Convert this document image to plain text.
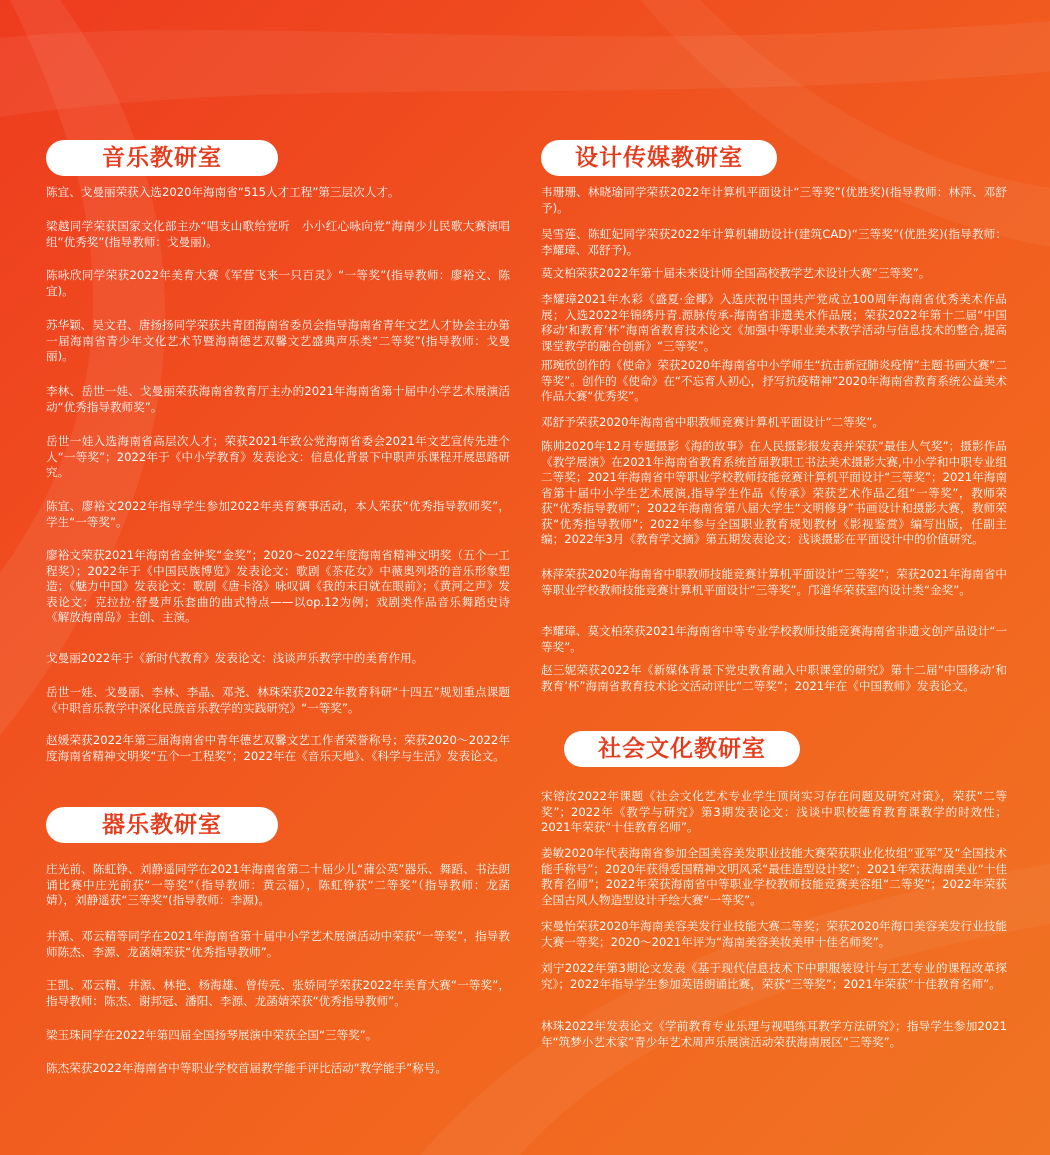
音乐教研室

陈宜、戈曼丽荣获入选2020年海南省“515人才工程”第三层次人才。

梁越同学荣获国家文化部主办“唱支山歌给党听　小小红心咏向党”海南少儿民歌大赛演唱组“优秀奖”(指导教师：戈曼丽)。

陈咏欣同学荣获2022年美育大赛《军营飞来一只百灵》“一等奖”(指导教师：廖裕文、陈宜)。

苏华颖、吴文君、唐扬扬同学荣获共青团海南省委员会指导海南省青年文艺人才协会主办第一届海南省青少年文化艺术节暨海南德艺双馨文艺盛典声乐类“二等奖”(指导教师：戈曼丽)。

李林、岳世一娃、戈曼丽荣获海南省教育厅主办的2021年海南省第十届中小学艺术展演活动“优秀指导教师奖”。

岳世一娃入选海南省高层次人才；荣获2021年致公党海南省委会2021年文艺宣传先进个人“一等奖”；2022年于《中小学教育》发表论文：信息化背景下中职声乐课程开展思路研究。

陈宜、廖裕文2022年指导学生参加2022年美育赛事活动，本人荣获“优秀指导教师奖”，学生“一等奖”。

廖裕文荣获2021年海南省金钟奖“金奖”；2020～2022年度海南省精神文明奖（五个一工程奖）；2022年于《中国民族博览》发表论文：歌剧《茶花女》中薇奥列塔的音乐形象塑造；《魅力中国》发表论文：歌剧《唐卡洛》咏叹调《我的末日就在眼前》；《黄河之声》发表论文：克拉拉·舒曼声乐套曲的曲式特点——以op.12为例；戏剧类作品音乐舞蹈史诗《解放海南岛》主创、主演。

戈曼丽2022年于《新时代教育》发表论文：浅谈声乐教学中的美育作用。

岳世一娃、戈曼丽、李林、李晶、邓尧、林珠荣获2022年教育科研“十四五”规划重点课题《中职音乐教学中深化民族音乐教学的实践研究》“一等奖”。

赵媛荣获2022年第三届海南省中青年德艺双馨文艺工作者荣誉称号；荣获2020～2022年度海南省精神文明奖“五个一工程奖”；2022年在《音乐天地》、《科学与生活》发表论文。

器乐教研室

庄光前、陈虹铮、刘静遥同学在2021年海南省第二十届少儿“蒲公英”器乐、舞蹈、书法朗诵比赛中庄光前获“一等奖”（指导教师：黄云福），陈虹铮获“二等奖”（指导教师：龙菡婧），刘静遥获“三等奖”(指导教师：李源)。

井源、邓云精等同学在2021年海南省第十届中小学艺术展演活动中荣获“一等奖”，指导教师陈杰、李源、龙菡婧荣获“优秀指导教师”。

王凯、邓云精、井源、林艳、杨海雄、曾传亮、张娇同学荣获2022年美育大赛“一等奖”，指导教师：陈杰、谢邦冠、潘阳、李源、龙菡婧荣获“优秀指导教师”。

梁玉珠同学在2022年第四届全国扬琴展演中荣获全国“三等奖”。

陈杰荣获2022年海南省中等职业学校首届教学能手评比活动“教学能手”称号。

设计传媒教研室

韦珊珊、林晓瑜同学荣获2022年计算机平面设计“三等奖”(优胜奖)(指导教师：林萍、邓舒予)。

吴雪莲、陈虹妃同学荣获2022年计算机辅助设计(建筑CAD)“三等奖”(优胜奖)(指导教师：李耀璋、邓舒予)。

莫文柏荣获2022年第十届未来设计师全国高校教学艺术设计大赛“三等奖”。

李耀璋2021年水彩《盛夏·金椰》入选庆祝中国共产党成立100周年海南省优秀美术作品展；入选2022年锦绣丹青.源脉传承-海南省非遗美术作品展；荣获2022年第十二届“中国移动‘和教育’杯”海南省教育技术论文《加强中等职业美术教学活动与信息技术的整合,提高课堂教学的融合创新》“三等奖”。

邢琬欣创作的《使命》荣获2020年海南省中小学师生“抗击新冠肺炎疫情”主题书画大赛“二等奖”。创作的《使命》在“不忘育人初心，抒写抗疫精神”2020年海南省教育系统公益美术作品大赛“优秀奖”。

邓舒予荣获2020年海南省中职教师竞赛计算机平面设计“二等奖”。

陈帅2020年12月专题摄影《海的故事》在人民摄影报发表并荣获“最佳人气奖”；摄影作品《教学展演》在2021年海南省教育系统首届教职工书法美术摄影大赛,中小学和中职专业组二等奖；2021年海南省中等职业学校教师技能竞赛计算机平面设计“三等奖”；2021年海南省第十届中小学生艺术展演,指导学生作品《传承》荣获艺术作品乙组“一等奖”，教师荣获“优秀指导教师”；2022年海南省第八届大学生“文明修身”书画设计和摄影大赛，教师荣获“优秀指导教师”；2022年参与全国职业教育规划教材《影视鉴赏》编写出版，任副主编；2022年3月《教育学文摘》第五期发表论文：浅谈摄影在平面设计中的价值研究。

林萍荣获2020年海南省中职教师技能竞赛计算机平面设计“三等奖”；荣获2021年海南省中等职业学校教师技能竞赛计算机平面设计“三等奖”。邝道华荣获室内设计类“金奖”。

李耀璋、莫文柏荣获2021年海南省中等专业学校教师技能竞赛海南省非遗文创产品设计“一等奖”。

赵三妮荣获2022年《新媒体背景下党史教育融入中职课堂的研究》第十二届“中国移动‘和教育’杯”海南省教育技术论文活动评比“二等奖”；2021年在《中国教师》发表论文。

社会文化教研室

宋镕汝2022年课题《社会文化艺术专业学生顶岗实习存在问题及研究对策》，荣获“二等奖”；2022年《教学与研究》第3期发表论文：浅谈中职校德育教育课教学的时效性；2021年荣获“十佳教育名师”。

姜敏2020年代表海南省参加全国美容美发职业技能大赛荣获职业化妆组“亚军”及“全国技术能手称号”；2020年获得爱国精神文明风采“最佳造型设计奖”；2021年荣获海南美业“十佳教育名师”；2022年荣获海南省中等职业学校教师技能竞赛美容组“二等奖”；2022年荣获全国古风人物造型设计手绘大赛“一等奖”。

宋曼怡荣获2020年海南美容美发行业技能大赛二等奖；荣获2020年海口美容美发行业技能大赛一等奖；2020～2021年评为“海南美容美妆美甲十佳名师奖”。

刘宁2022年第3期论文发表《基于现代信息技术下中职服装设计与工艺专业的课程改革探究》；2022年指导学生参加英语朗诵比赛，荣获“三等奖”；2021年荣获“十佳教育名师”。

林珠2022年发表论文《学前教育专业乐理与视唱练耳教学方法研究》；指导学生参加2021年“筑梦小艺术家”青少年艺术周声乐展演活动荣获海南展区“三等奖”。
